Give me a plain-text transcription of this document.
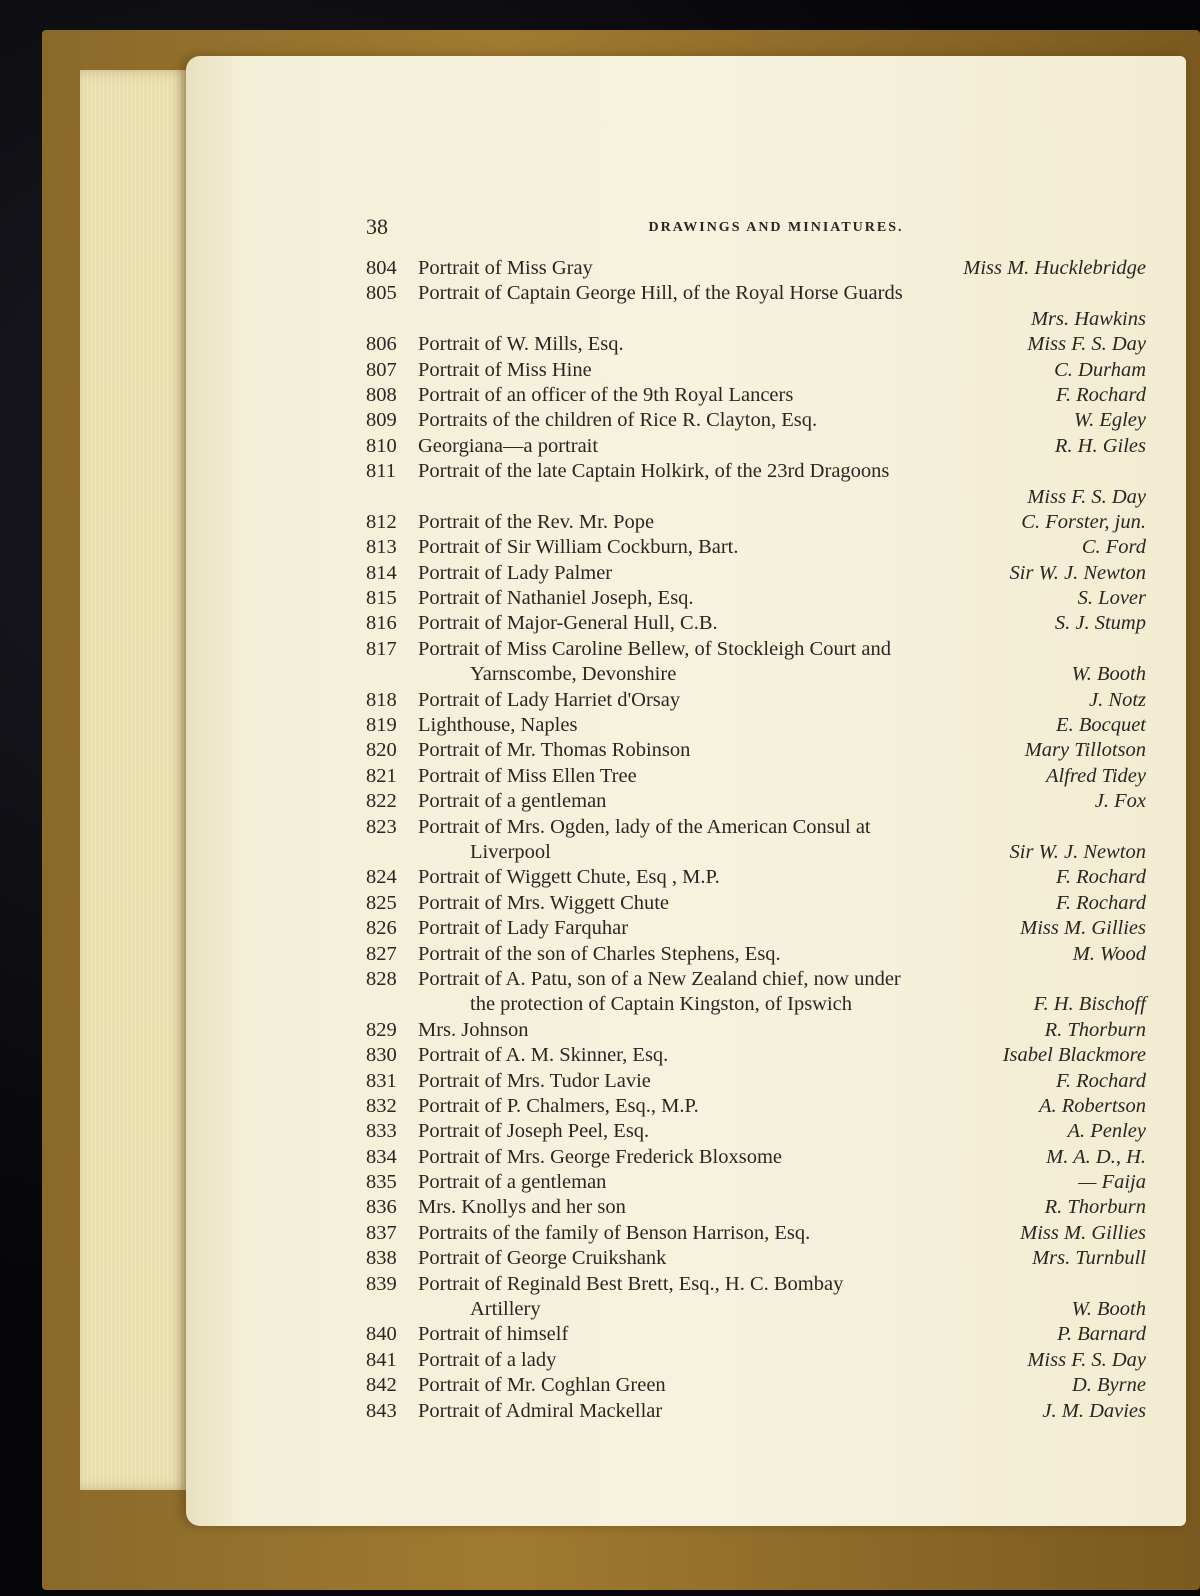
38	DRAWINGS AND MINIATURES.
804	Portrait of Miss Gray	Miss M. Hucklebridge
805	Portrait of Captain George Hill, of the Royal Horse Guards
Mrs. Hawkins
806	Portrait of W. Mills, Esq.	Miss F. S. Day
807	Portrait of Miss Hine	C. Durham
808	Portrait of an officer of the 9th Royal Lancers	F. Rochard
809	Portraits of the children of Rice R. Clayton, Esq.	W. Egley
810	Georgiana—a portrait	R. H. Giles
811	Portrait of the late Captain Holkirk, of the 23rd Dragoons
Miss F. S. Day
812	Portrait of the Rev. Mr. Pope	C. Forster, jun.
813	Portrait of Sir William Cockburn, Bart.	C. Ford
814	Portrait of Lady Palmer	Sir W. J. Newton
815	Portrait of Nathaniel Joseph, Esq.	S. Lover
816	Portrait of Major-General Hull, C.B.	S. J. Stump
817	Portrait of Miss Caroline Bellew, of Stockleigh Court and
Yarnscombe, Devonshire	W. Booth
818	Portrait of Lady Harriet d'Orsay	J. Notz
819	Lighthouse, Naples	E. Bocquet
820	Portrait of Mr. Thomas Robinson	Mary Tillotson
821	Portrait of Miss Ellen Tree	Alfred Tidey
822	Portrait of a gentleman	J. Fox
823	Portrait of Mrs. Ogden, lady of the American Consul at
Liverpool	Sir W. J. Newton
824	Portrait of Wiggett Chute, Esq , M.P.	F. Rochard
825	Portrait of Mrs. Wiggett Chute	F. Rochard
826	Portrait of Lady Farquhar	Miss M. Gillies
827	Portrait of the son of Charles Stephens, Esq.	M. Wood
828	Portrait of A. Patu, son of a New Zealand chief, now under
the protection of Captain Kingston, of Ipswich	F. H. Bischoff
829	Mrs. Johnson	R. Thorburn
830	Portrait of A. M. Skinner, Esq.	Isabel Blackmore
831	Portrait of Mrs. Tudor Lavie	F. Rochard
832	Portrait of P. Chalmers, Esq., M.P.	A. Robertson
833	Portrait of Joseph Peel, Esq.	A. Penley
834	Portrait of Mrs. George Frederick Bloxsome	M. A. D., H.
835	Portrait of a gentleman	— Faija
836	Mrs. Knollys and her son	R. Thorburn
837	Portraits of the family of Benson Harrison, Esq.	Miss M. Gillies
838	Portrait of George Cruikshank	Mrs. Turnbull
839	Portrait of Reginald Best Brett, Esq., H. C. Bombay
Artillery	W. Booth
840	Portrait of himself	P. Barnard
841	Portrait of a lady	Miss F. S. Day
842	Portrait of Mr. Coghlan Green	D. Byrne
843	Portrait of Admiral Mackellar	J. M. Davies
